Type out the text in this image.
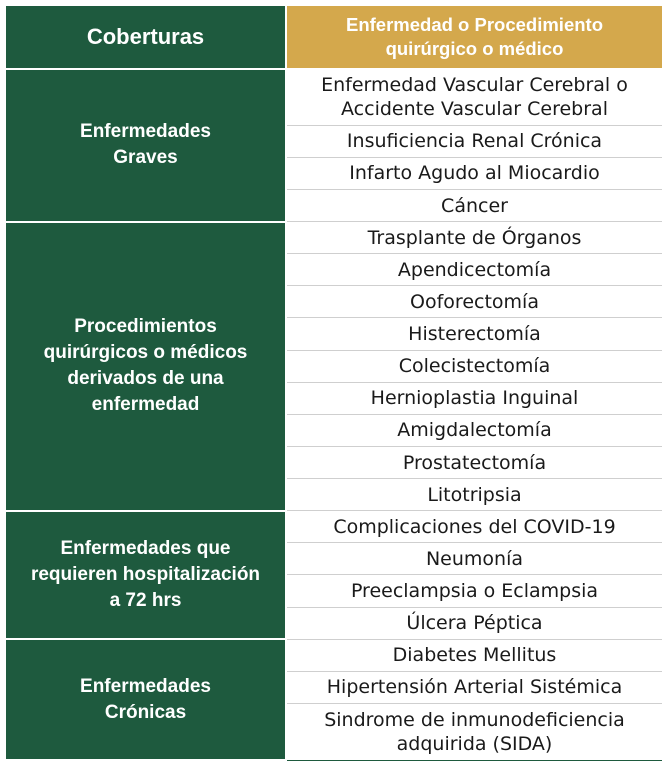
Coberturas	Enfermedad o Procedimiento
quirúrgico o médico
Enfermedades
Graves	Enfermedad Vascular Cerebral o Accidente Vascular Cerebral
	Insuficiencia Renal Crónica
	Infarto Agudo al Miocardio
	Cáncer
Procedimientos
quirúrgicos o médicos
derivados de una
enfermedad	Trasplante de Órganos
	Apendicectomía
	Ooforectomía
	Histerectomía
	Colecistectomía
	Hernioplastia Inguinal
	Amigdalectomía
	Prostatectomía
	Litotripsia
Enfermedades que
requieren hospitalización
a 72 hrs	Complicaciones del COVID-19
	Neumonía
	Preeclampsia o Eclampsia
	Úlcera Péptica
Enfermedades
Crónicas	Diabetes Mellitus
	Hipertensión Arterial Sistémica
	Sindrome de inmunodeficiencia adquirida (SIDA)
